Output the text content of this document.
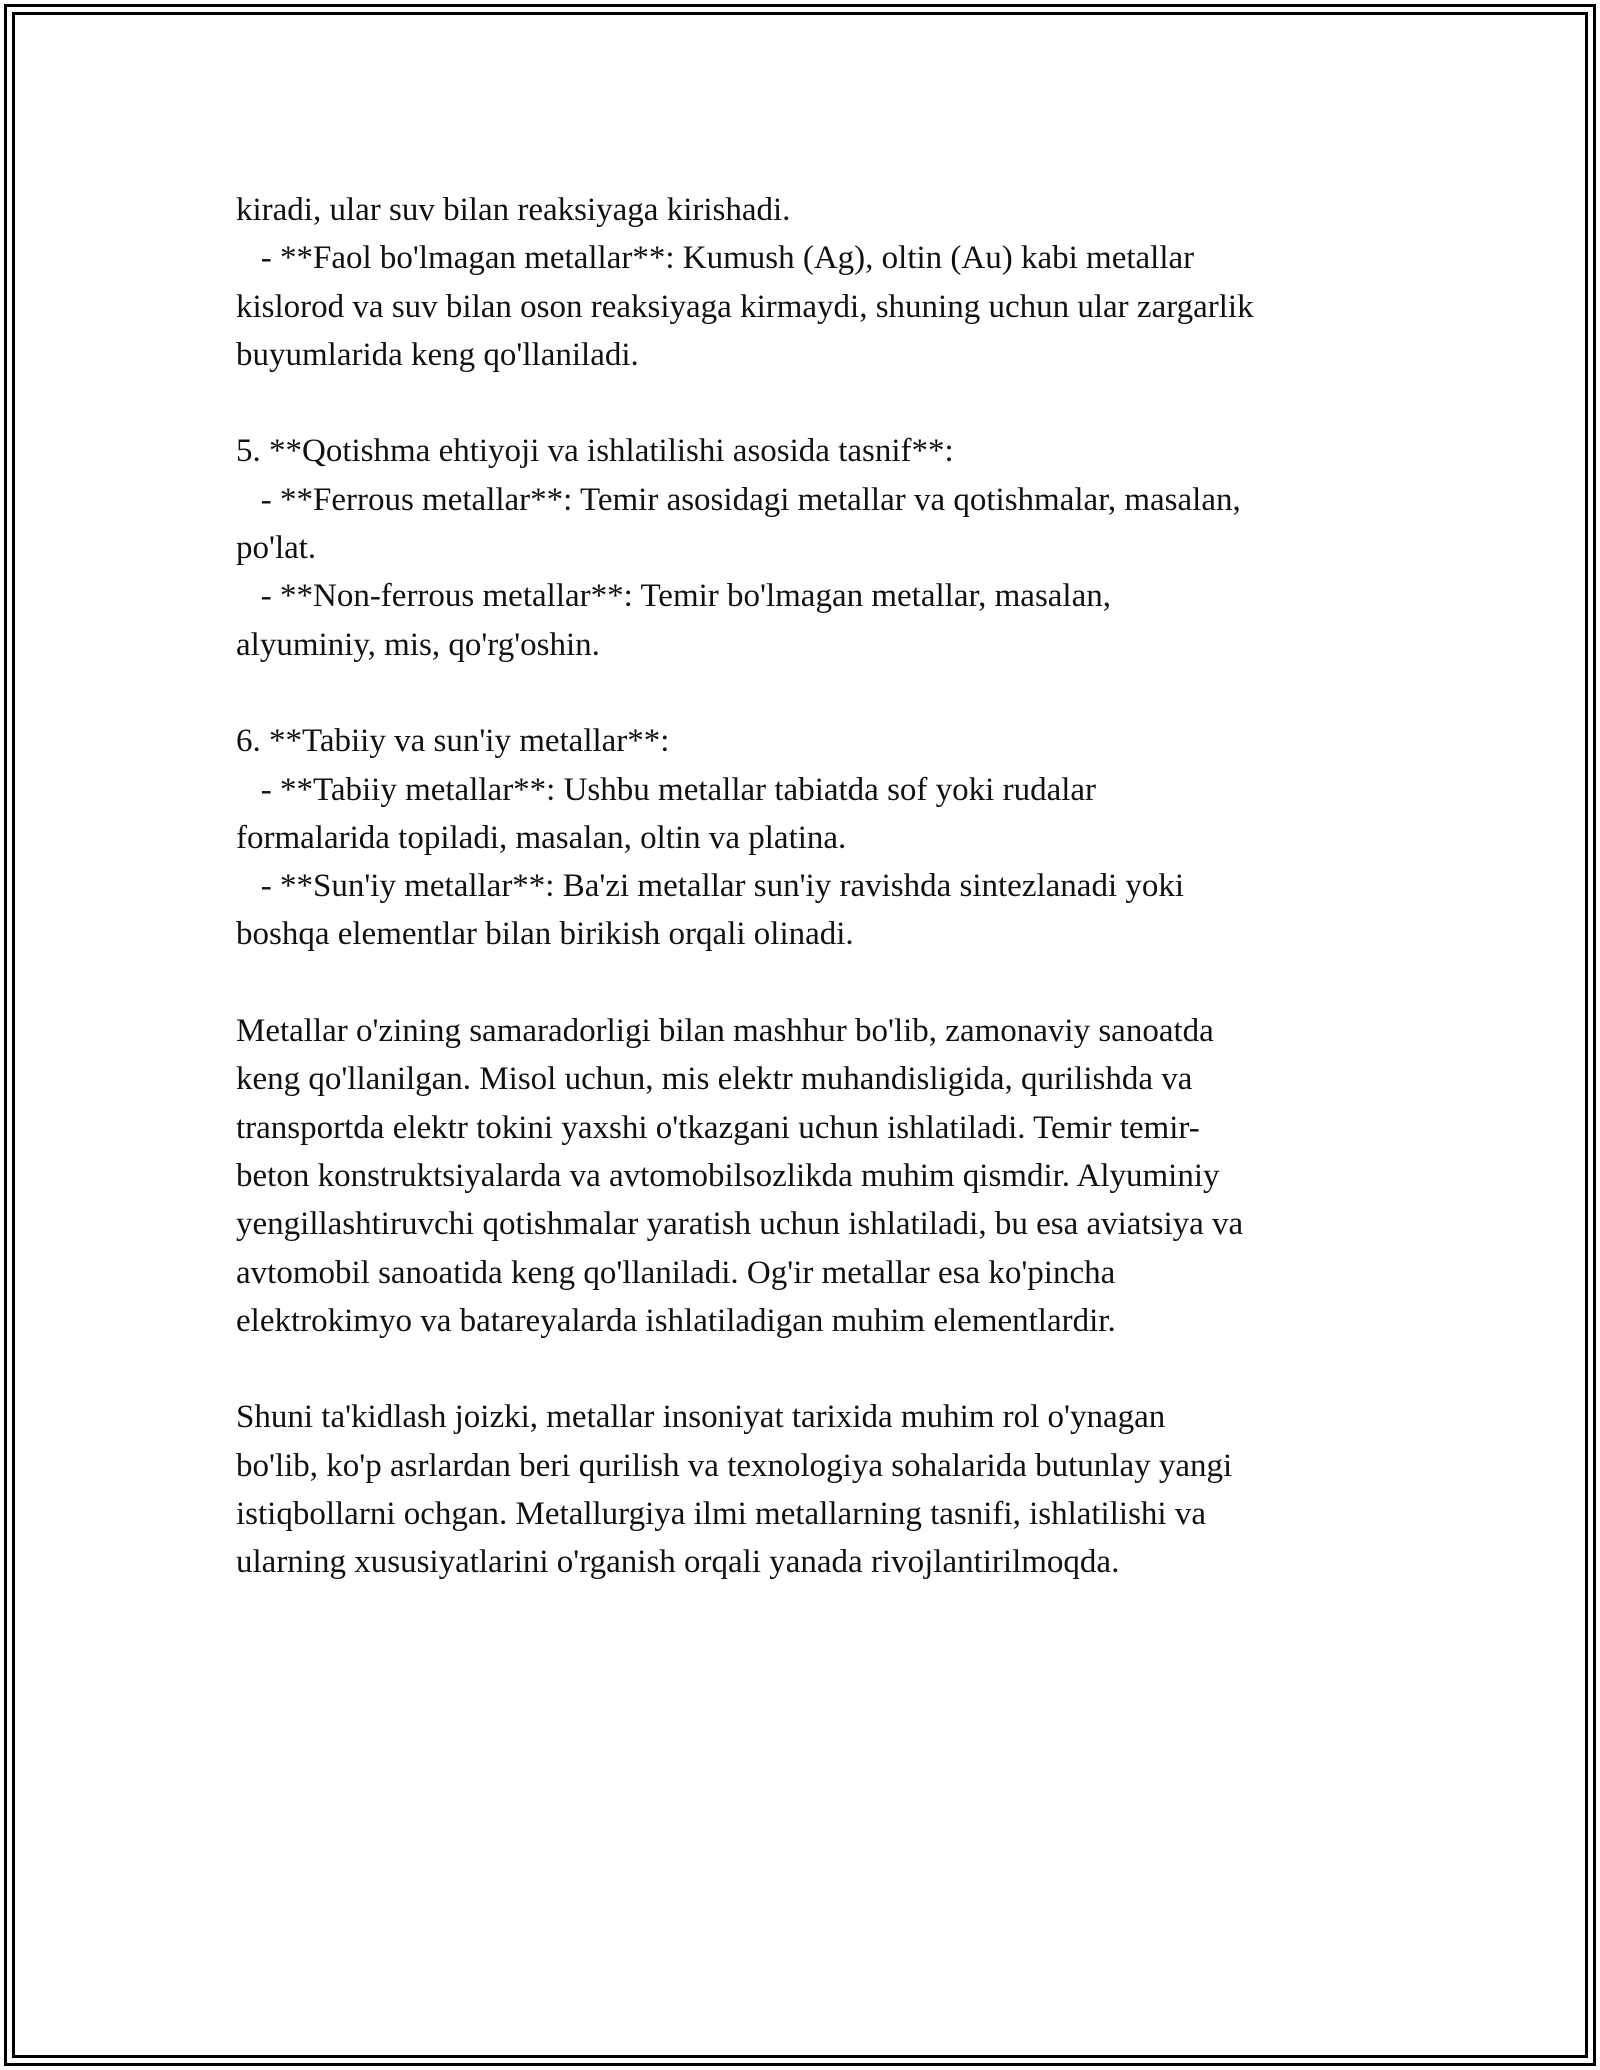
kiradi, ular suv bilan reaksiyaga kirishadi.
- **Faol bo'lmagan metallar**: Kumush (Ag), oltin (Au) kabi metallar
kislorod va suv bilan oson reaksiyaga kirmaydi, shuning uchun ular zargarlik
buyumlarida keng qo'llaniladi.
5. **Qotishma ehtiyoji va ishlatilishi asosida tasnif**:
- **Ferrous metallar**: Temir asosidagi metallar va qotishmalar, masalan,
po'lat.
- **Non-ferrous metallar**: Temir bo'lmagan metallar, masalan,
alyuminiy, mis, qo'rg'oshin.
6. **Tabiiy va sun'iy metallar**:
- **Tabiiy metallar**: Ushbu metallar tabiatda sof yoki rudalar
formalarida topiladi, masalan, oltin va platina.
- **Sun'iy metallar**: Ba'zi metallar sun'iy ravishda sintezlanadi yoki
boshqa elementlar bilan birikish orqali olinadi.
Metallar o'zining samaradorligi bilan mashhur bo'lib, zamonaviy sanoatda
keng qo'llanilgan. Misol uchun, mis elektr muhandisligida, qurilishda va
transportda elektr tokini yaxshi o'tkazgani uchun ishlatiladi. Temir temir-
beton konstruktsiyalarda va avtomobilsozlikda muhim qismdir. Alyuminiy
yengillashtiruvchi qotishmalar yaratish uchun ishlatiladi, bu esa aviatsiya va
avtomobil sanoatida keng qo'llaniladi. Og'ir metallar esa ko'pincha
elektrokimyo va batareyalarda ishlatiladigan muhim elementlardir.
Shuni ta'kidlash joizki, metallar insoniyat tarixida muhim rol o'ynagan
bo'lib, ko'p asrlardan beri qurilish va texnologiya sohalarida butunlay yangi
istiqbollarni ochgan. Metallurgiya ilmi metallarning tasnifi, ishlatilishi va
ularning xususiyatlarini o'rganish orqali yanada rivojlantirilmoqda.
